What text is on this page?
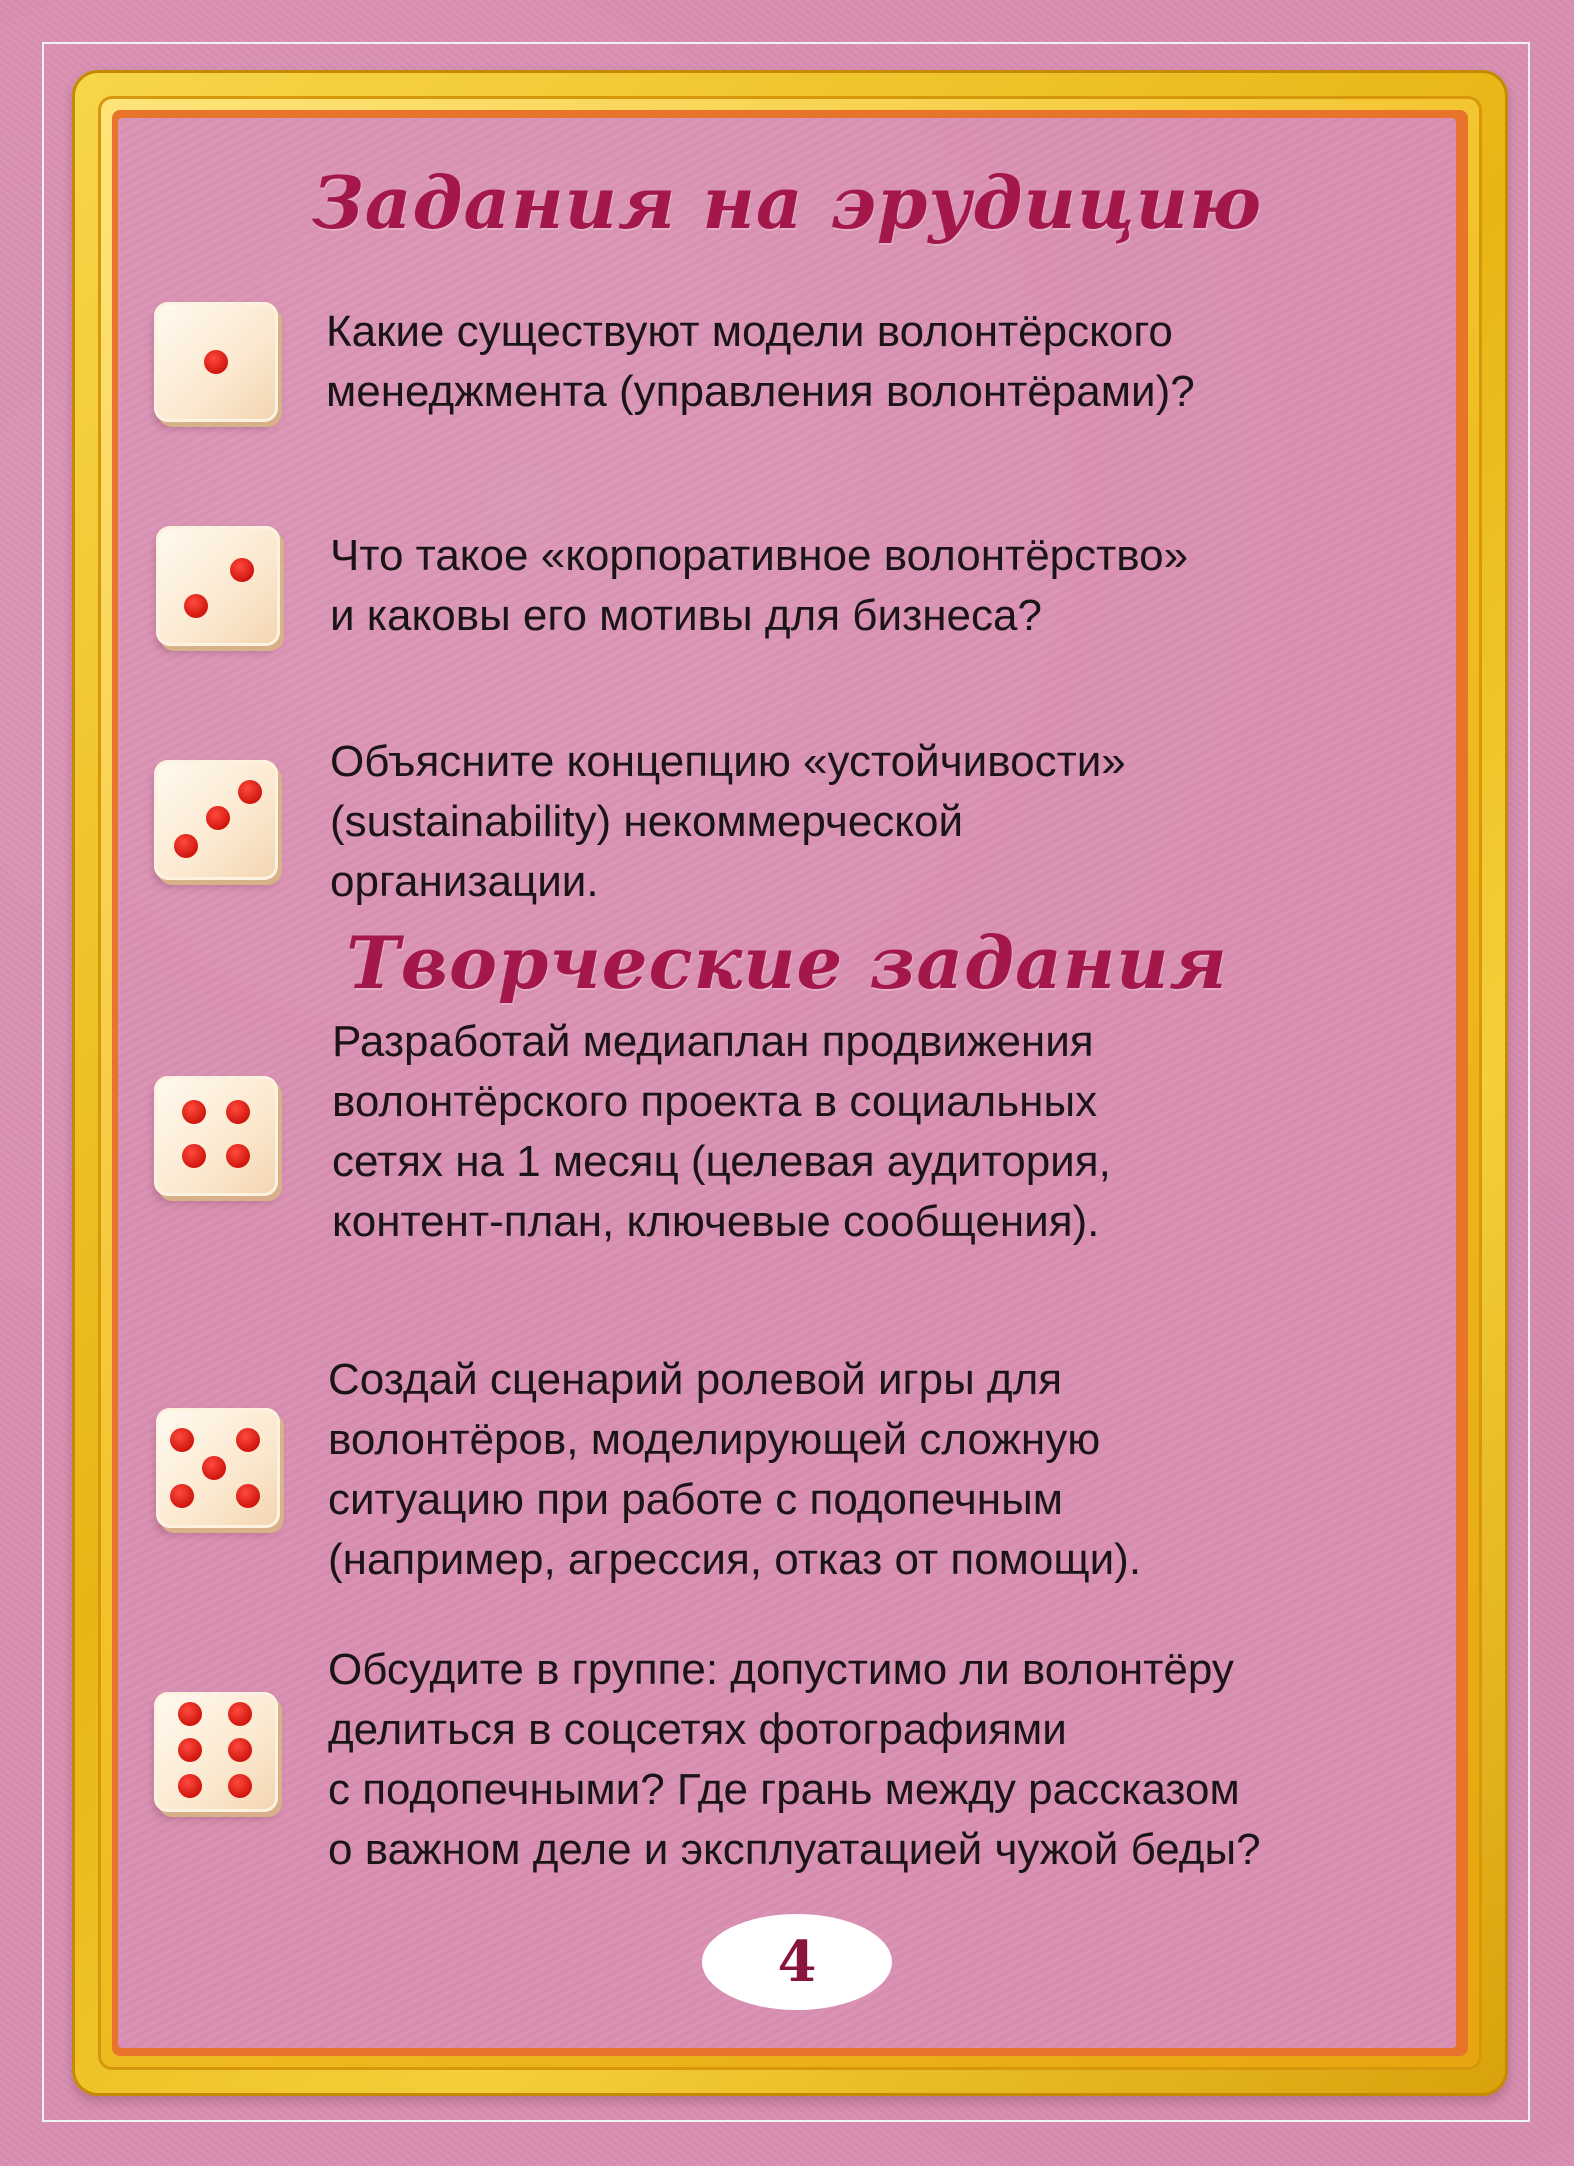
Задания на эрудицию
Творческие задания
Какие существуют модели волонтёрского
менеджмента (управления волонтёрами)?
Что такое «корпоративное волонтёрство»
и каковы его мотивы для бизнеса?
Объясните концепцию «устойчивости»
(sustainability) некоммерческой
организации.
Разработай медиаплан продвижения
волонтёрского проекта в социальных
сетях на 1 месяц (целевая аудитория,
контент-план, ключевые сообщения).
Создай сценарий ролевой игры для
волонтёров, моделирующей сложную
ситуацию при работе с подопечным
(например, агрессия, отказ от помощи).
Обсудите в группе: допустимо ли волонтёру
делиться в соцсетях фотографиями
с подопечными? Где грань между рассказом
о важном деле и эксплуатацией чужой беды?
4
